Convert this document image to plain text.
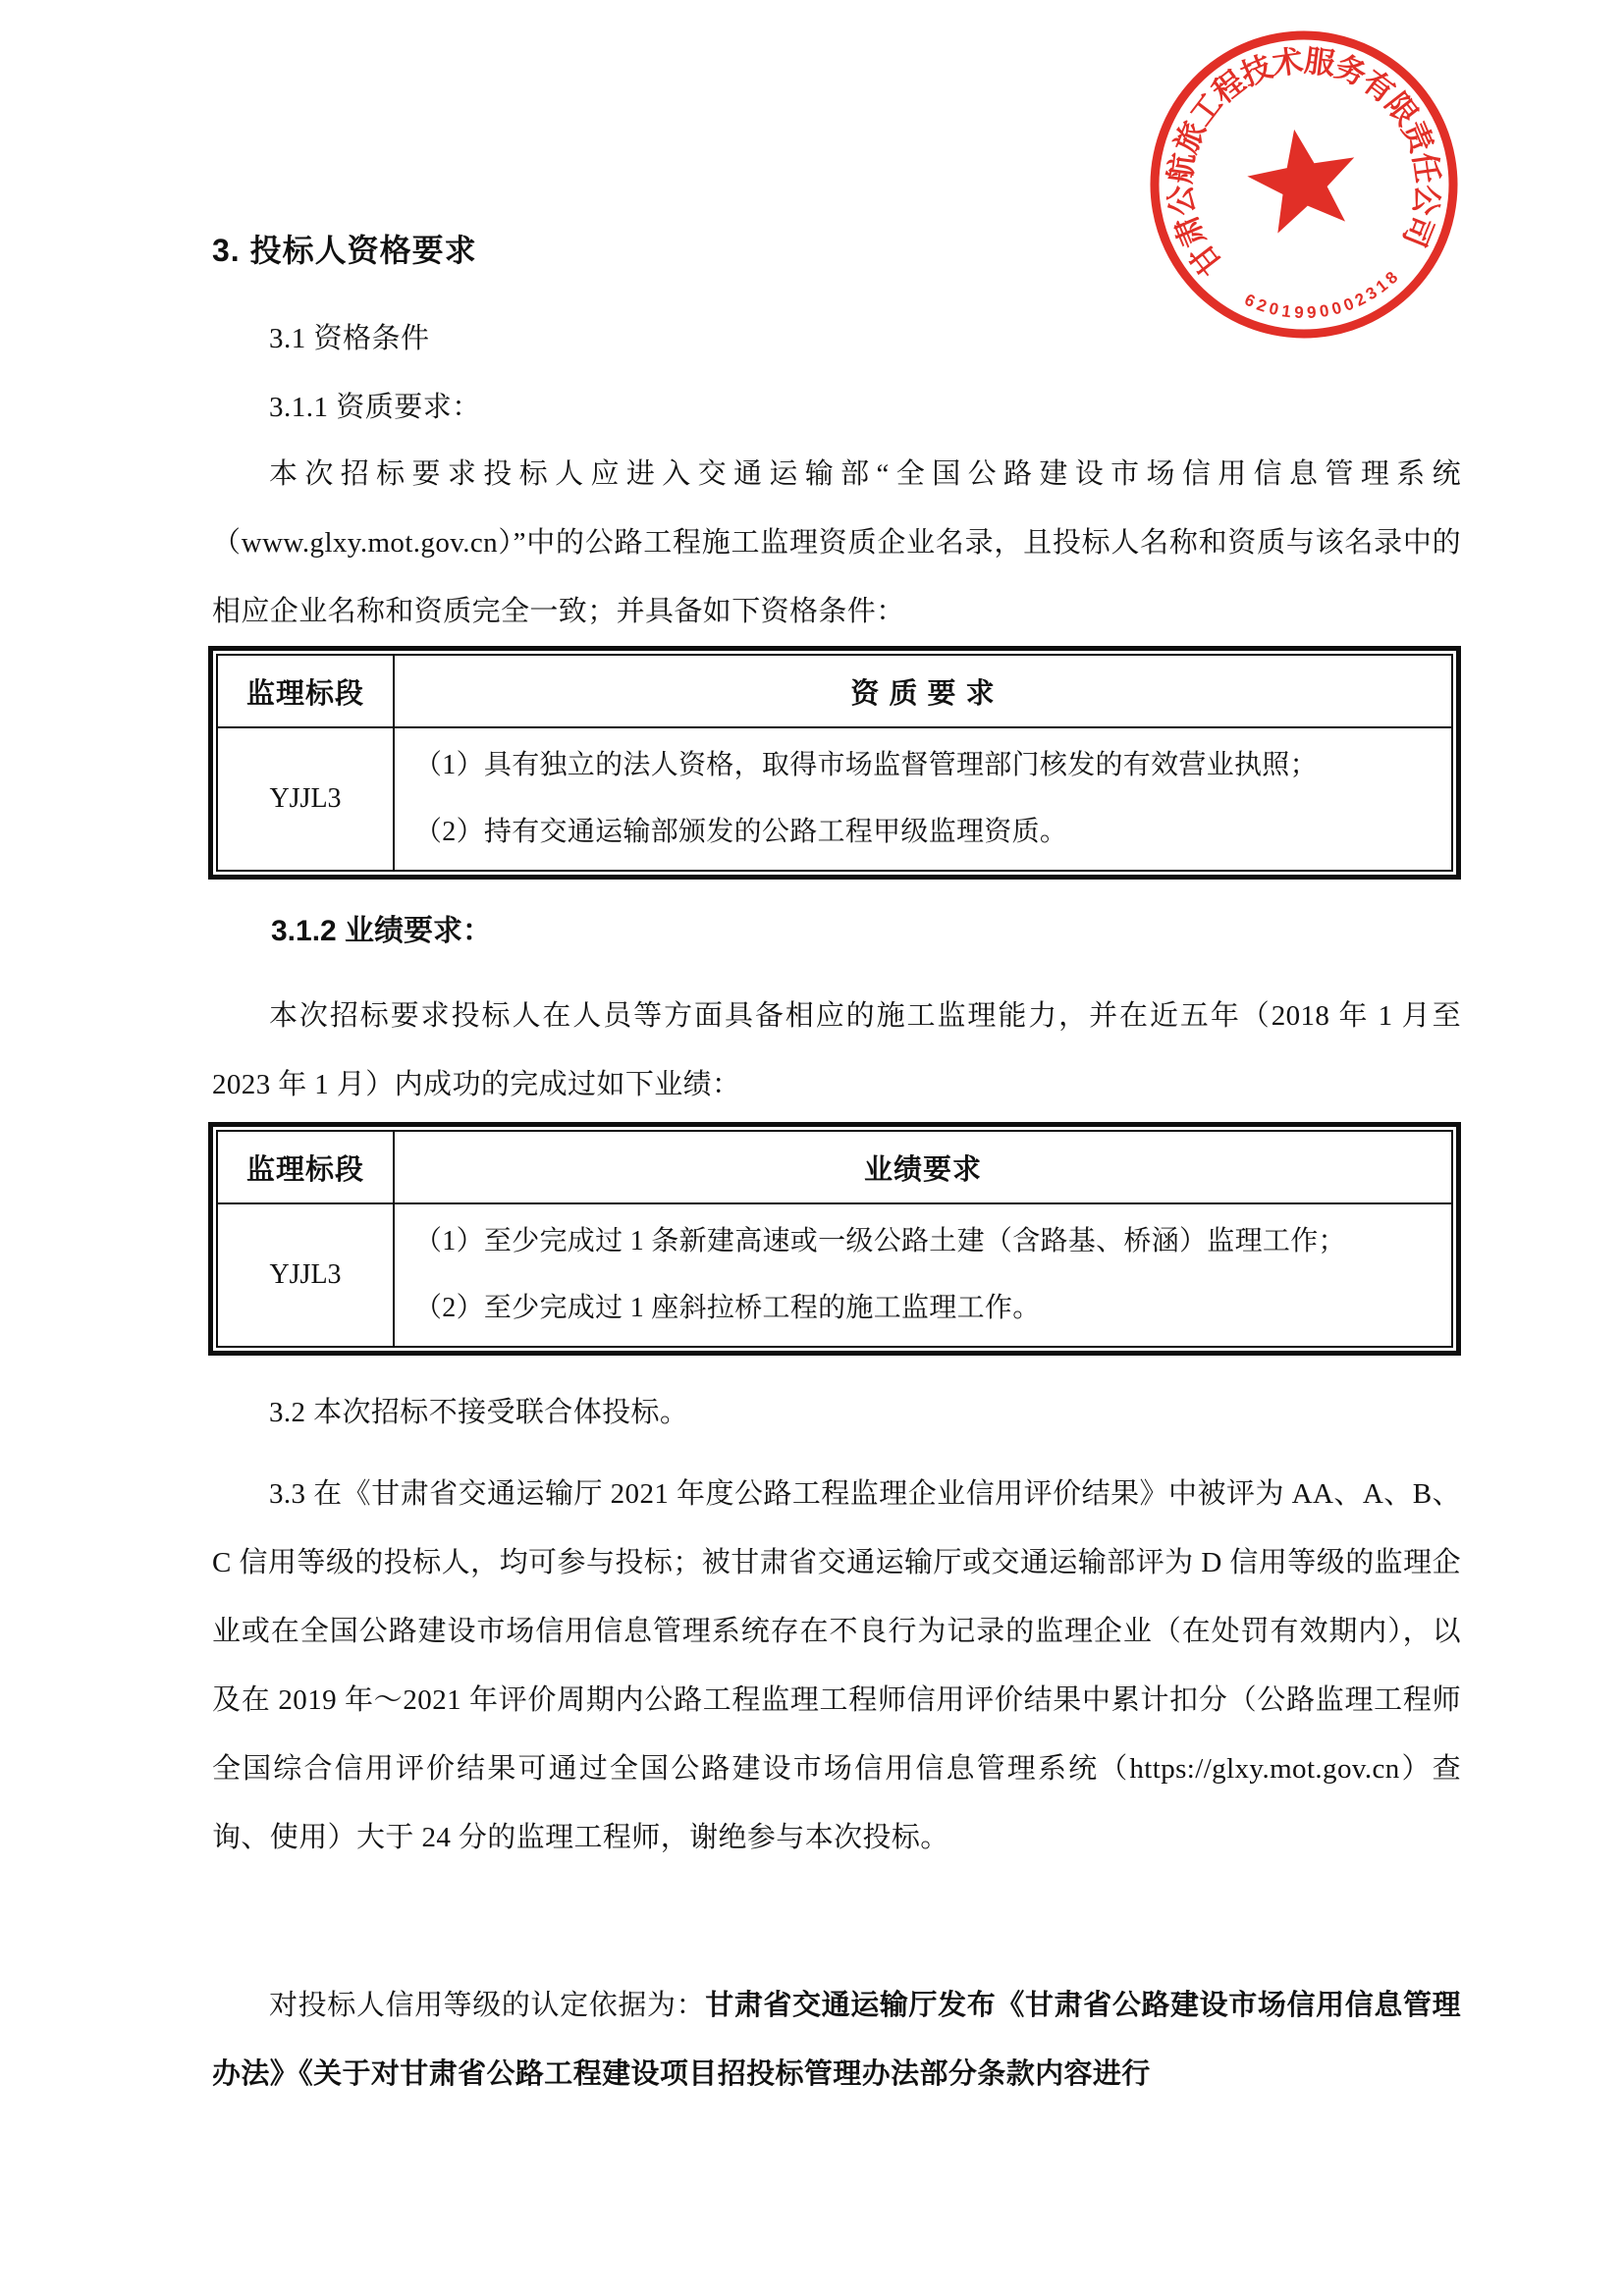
甘肃公航旅工程技术服务有限责任公司
6201990002318
3. 投标人资格要求
3.1 资格条件
3.1.1 资质要求：
本次招标要求投标人应进入交通运输部“全国公路建设市场信用信息管理系统（www.glxy.mot.gov.cn）”中的公路工程施工监理资质企业名录，且投标人名称和资质与该名录中的相应企业名称和资质完全一致；并具备如下资格条件：
监理标段	资 质 要 求
YJJL3	（1）具有独立的法人资格，取得市场监督管理部门核发的有效营业执照；
（2）持有交通运输部颁发的公路工程甲级监理资质。
3.1.2 业绩要求：
本次招标要求投标人在人员等方面具备相应的施工监理能力，并在近五年（2018 年 1 月至 2023 年 1 月）内成功的完成过如下业绩：
监理标段	业绩要求
YJJL3	（1）至少完成过 1 条新建高速或一级公路土建（含路基、桥涵）监理工作；
（2）至少完成过 1 座斜拉桥工程的施工监理工作。
3.2 本次招标不接受联合体投标。
3.3 在《甘肃省交通运输厅 2021 年度公路工程监理企业信用评价结果》中被评为 AA、A、B、C 信用等级的投标人，均可参与投标；被甘肃省交通运输厅或交通运输部评为 D 信用等级的监理企业或在全国公路建设市场信用信息管理系统存在不良行为记录的监理企业（在处罚有效期内），以及在 2019 年～2021 年评价周期内公路工程监理工程师信用评价结果中累计扣分（公路监理工程师全国综合信用评价结果可通过全国公路建设市场信用信息管理系统（https://glxy.mot.gov.cn）查询、使用）大于 24 分的监理工程师，谢绝参与本次投标。
对投标人信用等级的认定依据为：甘肃省交通运输厅发布《甘肃省公路建设市场信用信息管理办法》《关于对甘肃省公路工程建设项目招投标管理办法部分条款内容进行
